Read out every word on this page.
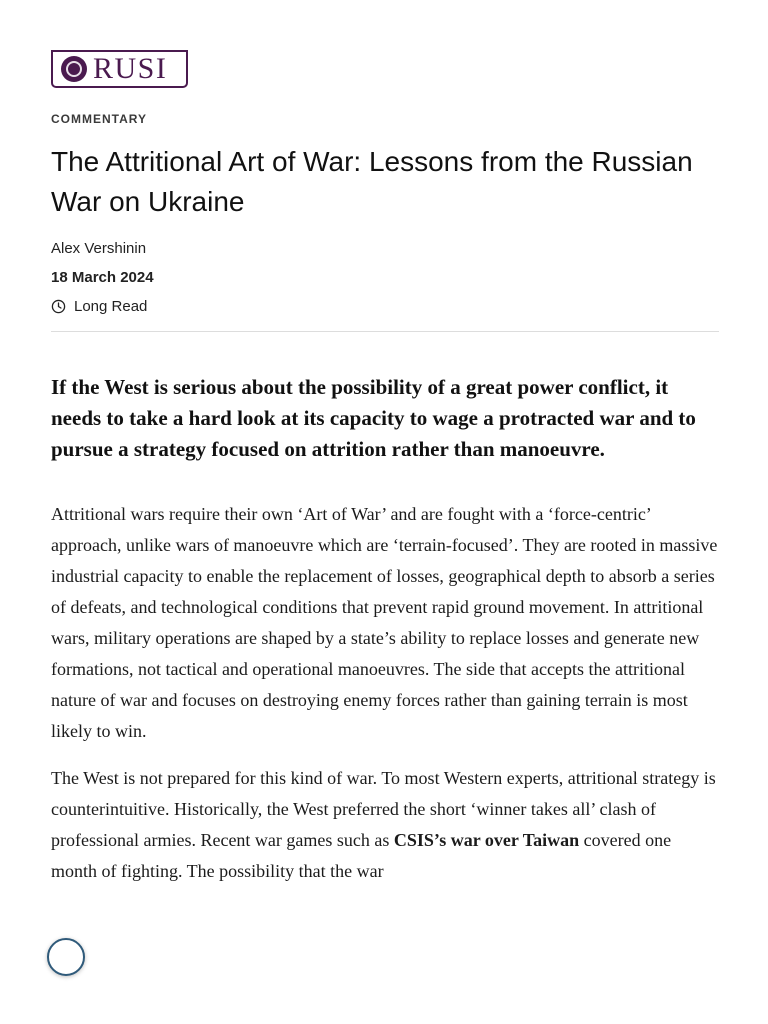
RUSI
COMMENTARY
The Attritional Art of War: Lessons from the Russian War on Ukraine
Alex Vershinin
18 March 2024
Long Read
If the West is serious about the possibility of a great power conflict, it needs to take a hard look at its capacity to wage a protracted war and to pursue a strategy focused on attrition rather than manoeuvre.

Attritional wars require their own ‘Art of War’ and are fought with a ‘force-centric’ approach, unlike wars of manoeuvre which are ‘terrain-focused’. They are rooted in massive industrial capacity to enable the replacement of losses, geographical depth to absorb a series of defeats, and technological conditions that prevent rapid ground movement. In attritional wars, military operations are shaped by a state’s ability to replace losses and generate new formations, not tactical and operational manoeuvres. The side that accepts the attritional nature of war and focuses on destroying enemy forces rather than gaining terrain is most likely to win.

The West is not prepared for this kind of war. To most Western experts, attritional strategy is counterintuitive. Historically, the West preferred the short ‘winner takes all’ clash of professional armies. Recent war games such as CSIS’s war over Taiwan covered one month of fighting. The possibility that the war
